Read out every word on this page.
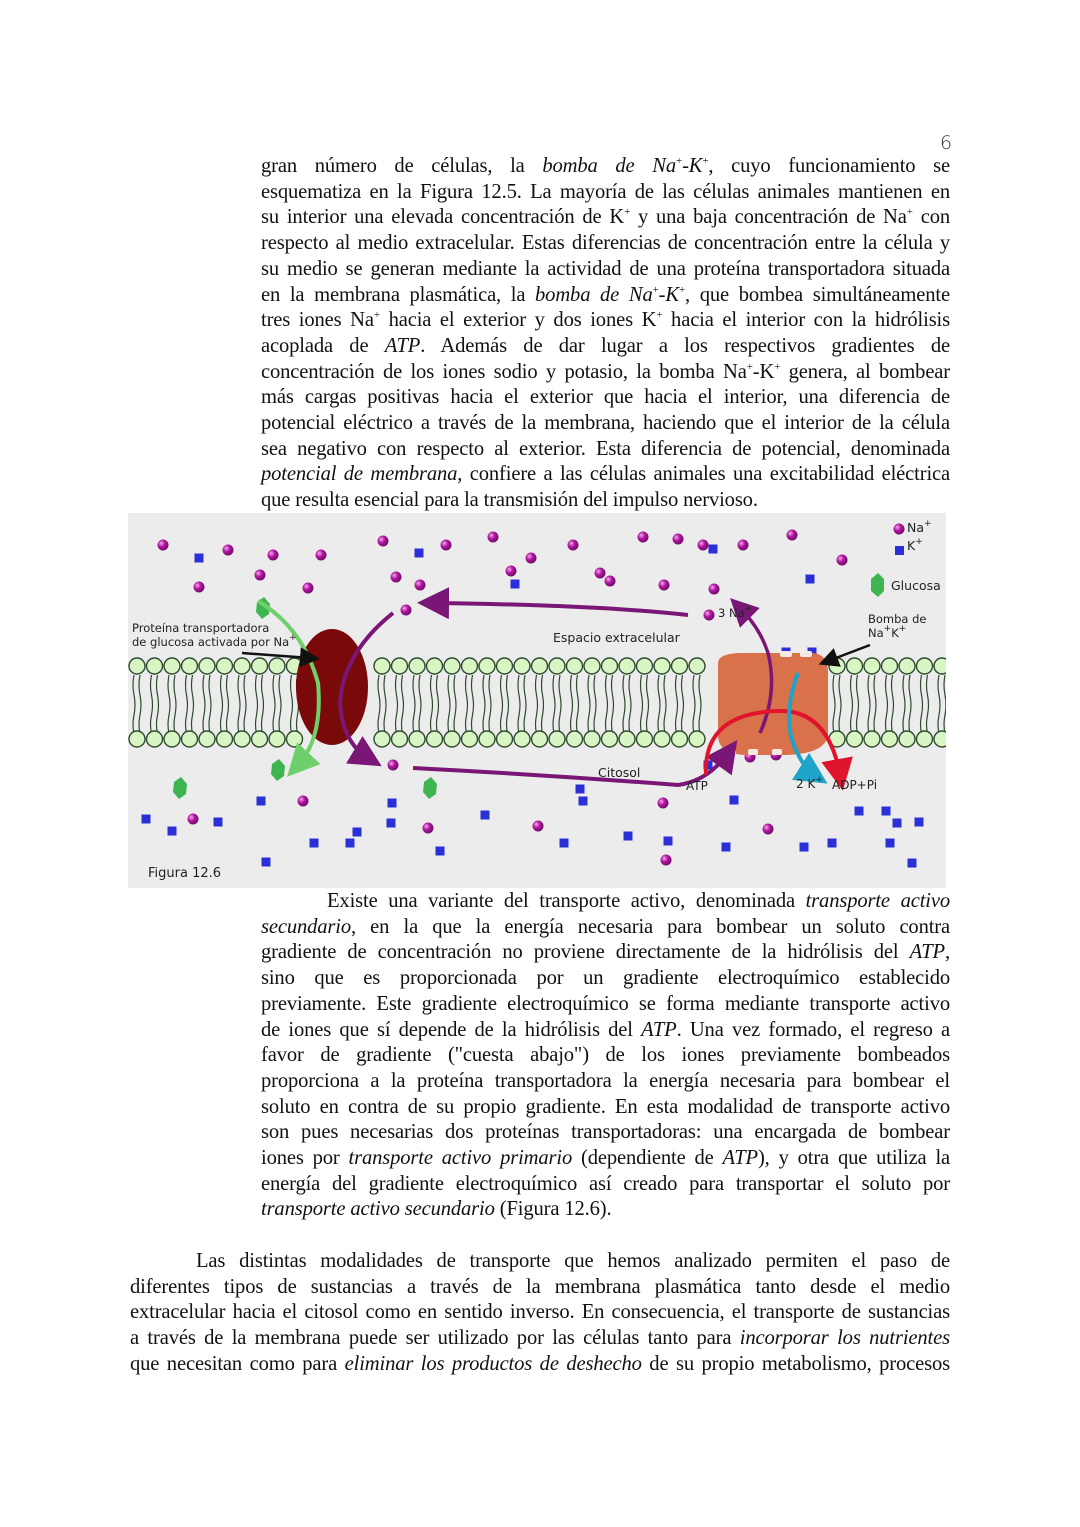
6
gran número de células, la bomba de Na+-K+, cuyo funcionamiento se
esquematiza en la Figura 12.5. La mayoría de las células animales mantienen en
su interior una elevada concentración de K+ y una baja concentración de Na+ con
respecto al medio extracelular. Estas diferencias de concentración entre la célula y
su medio se generan mediante la actividad de una proteína transportadora situada
en la membrana plasmática, la bomba de Na+-K+, que bombea simultáneamente
tres iones Na+ hacia el exterior y dos iones K+ hacia el interior con la hidrólisis
acoplada de ATP. Además de dar lugar a los respectivos gradientes de
concentración de los iones sodio y potasio, la bomba Na+-K+ genera, al bombear
más cargas positivas hacia el exterior que hacia el interior, una diferencia de
potencial eléctrico a través de la membrana, haciendo que el interior de la célula
sea negativo con respecto al exterior. Esta diferencia de potencial, denominada
potencial de membrana, confiere a las células animales una excitabilidad eléctrica
que resulta esencial para la transmisión del impulso nervioso.
Na+
K+
Glucosa
Proteína transportadora
de glucosa activada por Na+	Espacio extracelular
3 Na+
Bomba de
Na+K+
Citosol
ATP	2 K+ ADP+Pi
Figura 12.6
Existe una variante del transporte activo, denominada transporte activo
secundario, en la que la energía necesaria para bombear un soluto contra
gradiente de concentración no proviene directamente de la hidrólisis del ATP,
sino que es proporcionada por un gradiente electroquímico establecido
previamente. Este gradiente electroquímico se forma mediante transporte activo
de iones que sí depende de la hidrólisis del ATP. Una vez formado, el regreso a
favor de gradiente ("cuesta abajo") de los iones previamente bombeados
proporciona a la proteína transportadora la energía necesaria para bombear el
soluto en contra de su propio gradiente. En esta modalidad de transporte activo
son pues necesarias dos proteínas transportadoras: una encargada de bombear
iones por transporte activo primario (dependiente de ATP), y otra que utiliza la
energía del gradiente electroquímico así creado para transportar el soluto por
transporte activo secundario (Figura 12.6).
Las distintas modalidades de transporte que hemos analizado permiten el paso de
diferentes tipos de sustancias a través de la membrana plasmática tanto desde el medio
extracelular hacia el citosol como en sentido inverso. En consecuencia, el transporte de sustancias
a través de la membrana puede ser utilizado por las células tanto para incorporar los nutrientes
que necesitan como para eliminar los productos de deshecho de su propio metabolismo, procesos
